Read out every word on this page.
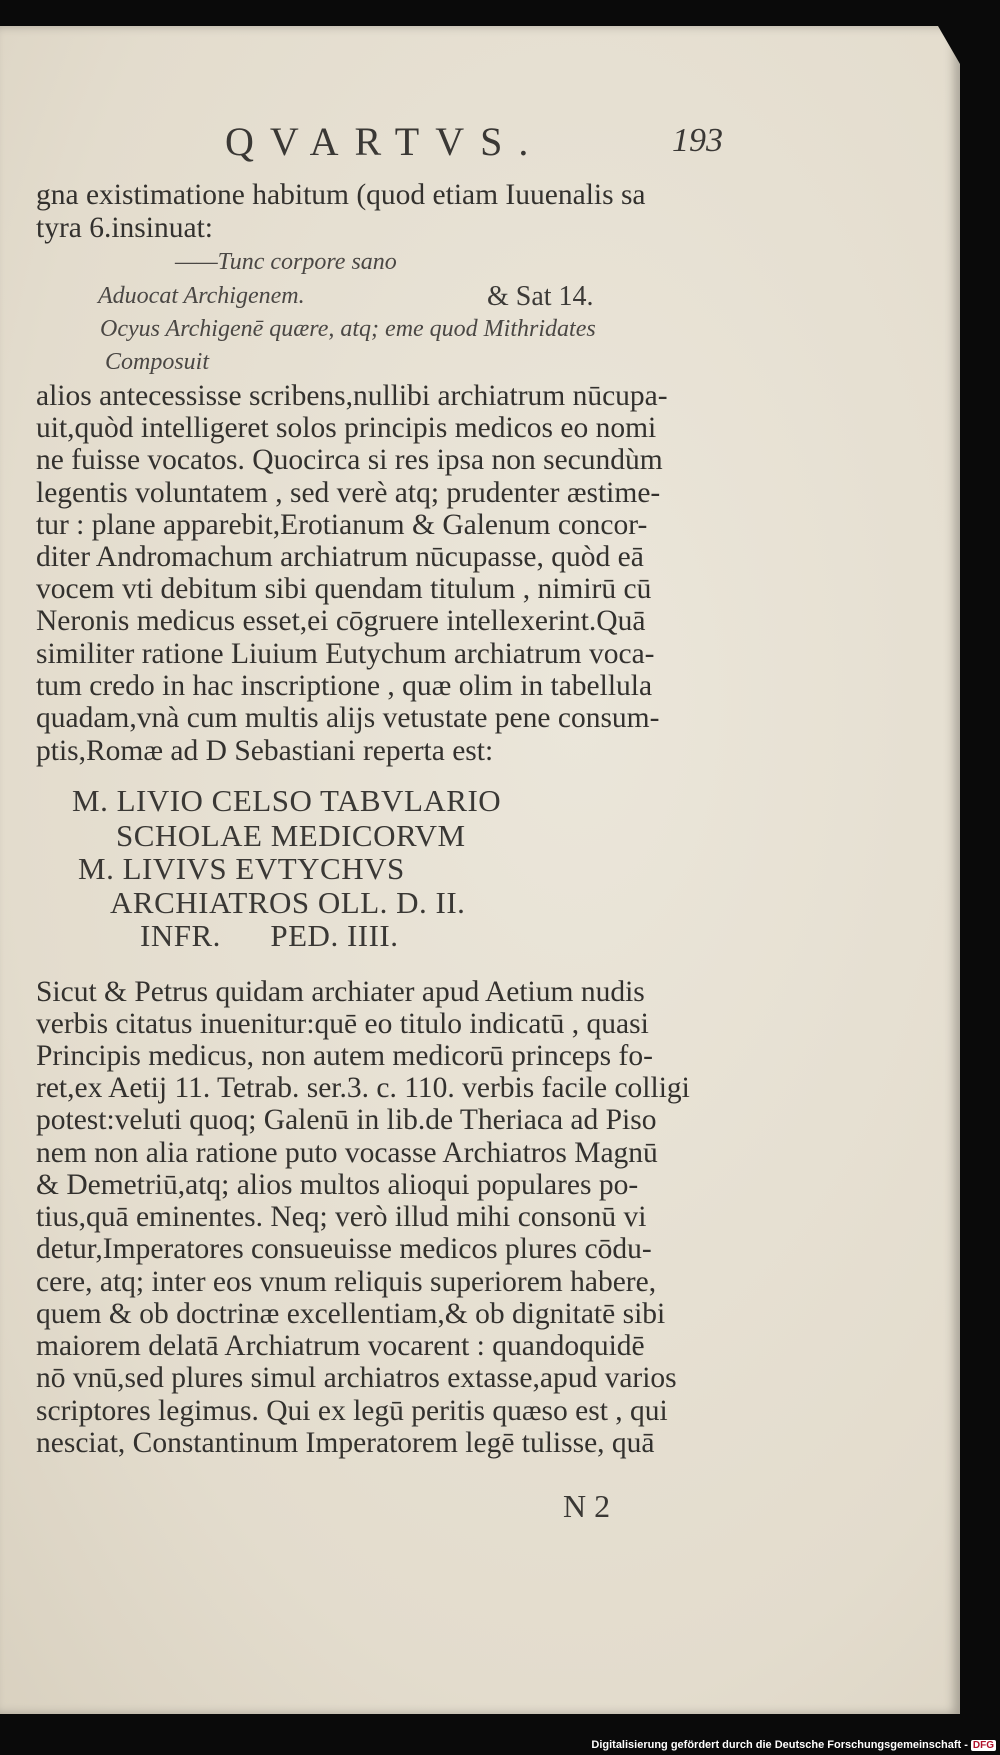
QVARTVS.	193
gna existimatione habitum (quod etiam Iuuenalis sa
tyra 6.insinuat:
——Tunc corpore sano
Aduocat Archigenem.	& Sat 14.
Ocyus Archigenē quære, atq; eme quod Mithridates
Composuit
alios antecessisse scribens,nullibi archiatrum nūcupa-
uit,quòd intelligeret solos principis medicos eo nomi
ne fuisse vocatos. Quocirca si res ipsa non secundùm
legentis voluntatem , sed verè atq; prudenter æstime-
tur : plane apparebit,Erotianum & Galenum concor-
diter Andromachum archiatrum nūcupasse, quòd eā
vocem vti debitum sibi quendam titulum , nimirū cū
Neronis medicus esset,ei cōgruere intellexerint.Quā
similiter ratione Liuium Eutychum archiatrum voca-
tum credo in hac inscriptione , quæ olim in tabellula
quadam,vnà cum multis alijs vetustate pene consum-
ptis,Romæ ad D Sebastiani reperta est:
M. LIVIO CELSO TABVLARIO
SCHOLAE MEDICORVM
M. LIVIVS EVTYCHVS
ARCHIATROS OLL. D. II.
INFR.      PED. IIII.
Sicut & Petrus quidam archiater apud Aetium nudis
verbis citatus inuenitur:quē eo titulo indicatū , quasi
Principis medicus, non autem medicorū princeps fo-
ret,ex Aetij 11. Tetrab. ser.3. c. 110. verbis facile colligi
potest:veluti quoq; Galenū in lib.de Theriaca ad Piso
nem non alia ratione puto vocasse Archiatros Magnū
& Demetriū,atq; alios multos alioqui populares po-
tius,quā eminentes. Neq; verò illud mihi consonū vi
detur,Imperatores consueuisse medicos plures cōdu-
cere, atq; inter eos vnum reliquis superiorem habere,
quem & ob doctrinæ excellentiam,& ob dignitatē sibi
maiorem delatā Archiatrum vocarent : quandoquidē
nō vnū,sed plures simul archiatros extasse,apud varios
scriptores legimus. Qui ex legū peritis quæso est , qui
nesciat, Constantinum Imperatorem legē tulisse, quā
N 2
Digitalisierung gefördert durch die Deutsche Forschungsgemeinschaft - DFG
